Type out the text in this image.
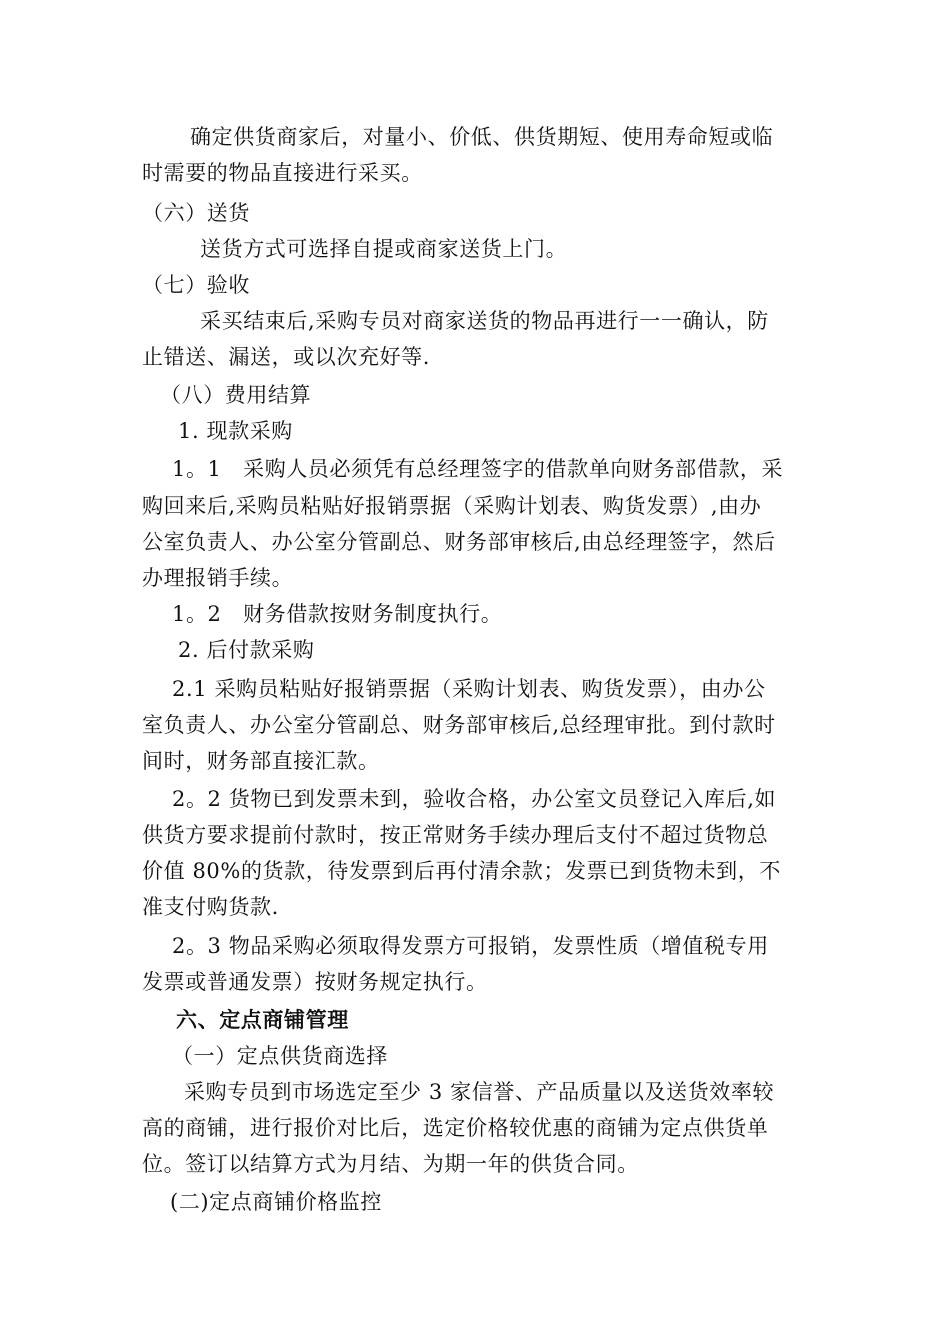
确定供货商家后，对量小、价低、供货期短、使用寿命短或临
时需要的物品直接进行采买。
（六）送货
送货方式可选择自提或商家送货上门。
（七）验收
采买结束后,采购专员对商家送货的物品再进行一一确认，防
止错送、漏送，或以次充好等.
（八）费用结算
1. 现款采购
1。1　采购人员必须凭有总经理签字的借款单向财务部借款，采
购回来后,采购员粘贴好报销票据（采购计划表、购货发票）,由办
公室负责人、办公室分管副总、财务部审核后,由总经理签字，然后
办理报销手续。
1。2　财务借款按财务制度执行。
2. 后付款采购
2.1 采购员粘贴好报销票据（采购计划表、购货发票），由办公
室负责人、办公室分管副总、财务部审核后,总经理审批。到付款时
间时，财务部直接汇款。
2。2 货物已到发票未到，验收合格，办公室文员登记入库后,如
供货方要求提前付款时，按正常财务手续办理后支付不超过货物总
价值 80%的货款，待发票到后再付清余款；发票已到货物未到，不
准支付购货款.
2。3 物品采购必须取得发票方可报销，发票性质（增值税专用
发票或普通发票）按财务规定执行。
六、定点商铺管理
（一）定点供货商选择
采购专员到市场选定至少 3 家信誉、产品质量以及送货效率较
高的商铺，进行报价对比后，选定价格较优惠的商铺为定点供货单
位。签订以结算方式为月结、为期一年的供货合同。
(二)定点商铺价格监控
